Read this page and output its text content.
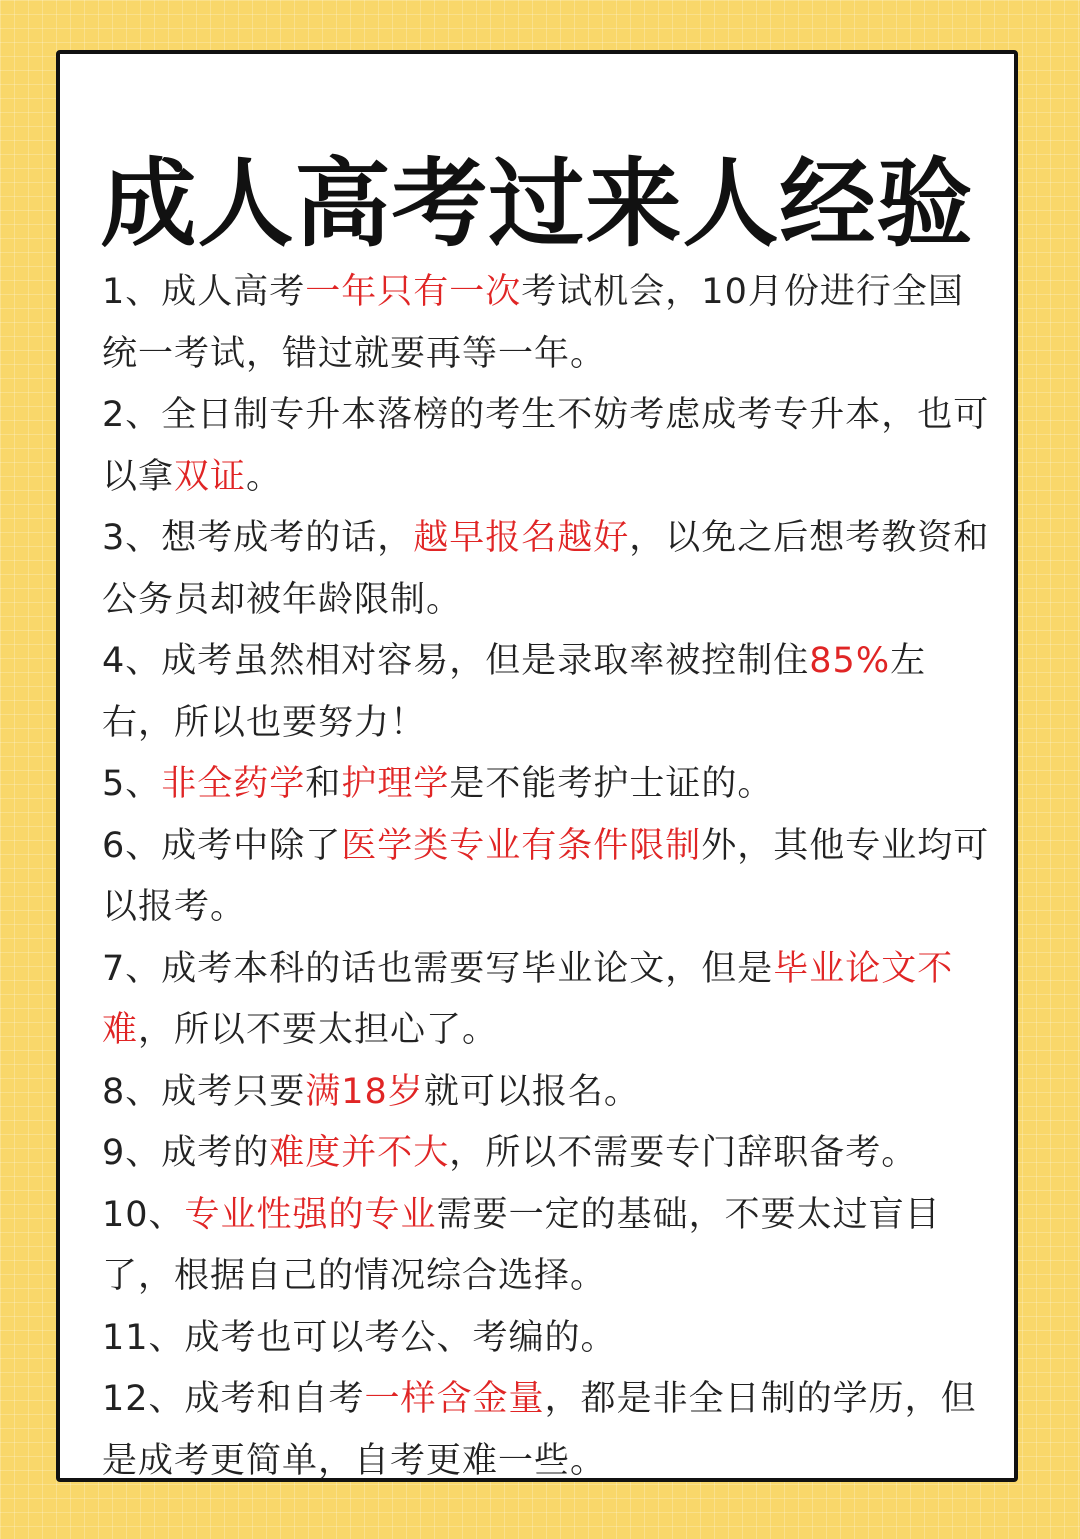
成人高考过来人经验
1、成人高考一年只有一次考试机会，10月份进行全国统一考试，错过就要再等一年。
2、全日制专升本落榜的考生不妨考虑成考专升本，也可以拿双证。
3、想考成考的话，越早报名越好，以免之后想考教资和公务员却被年龄限制。
4、成考虽然相对容易，但是录取率被控制住85%左右，所以也要努力！
5、非全药学和护理学是不能考护士证的。
6、成考中除了医学类专业有条件限制外，其他专业均可以报考。
7、成考本科的话也需要写毕业论文，但是毕业论文不难，所以不要太担心了。
8、成考只要满18岁就可以报名。
9、成考的难度并不大，所以不需要专门辞职备考。
10、专业性强的专业需要一定的基础，不要太过盲目了，根据自己的情况综合选择。
11、成考也可以考公、考编的。
12、成考和自考一样含金量，都是非全日制的学历，但是成考更简单，自考更难一些。
